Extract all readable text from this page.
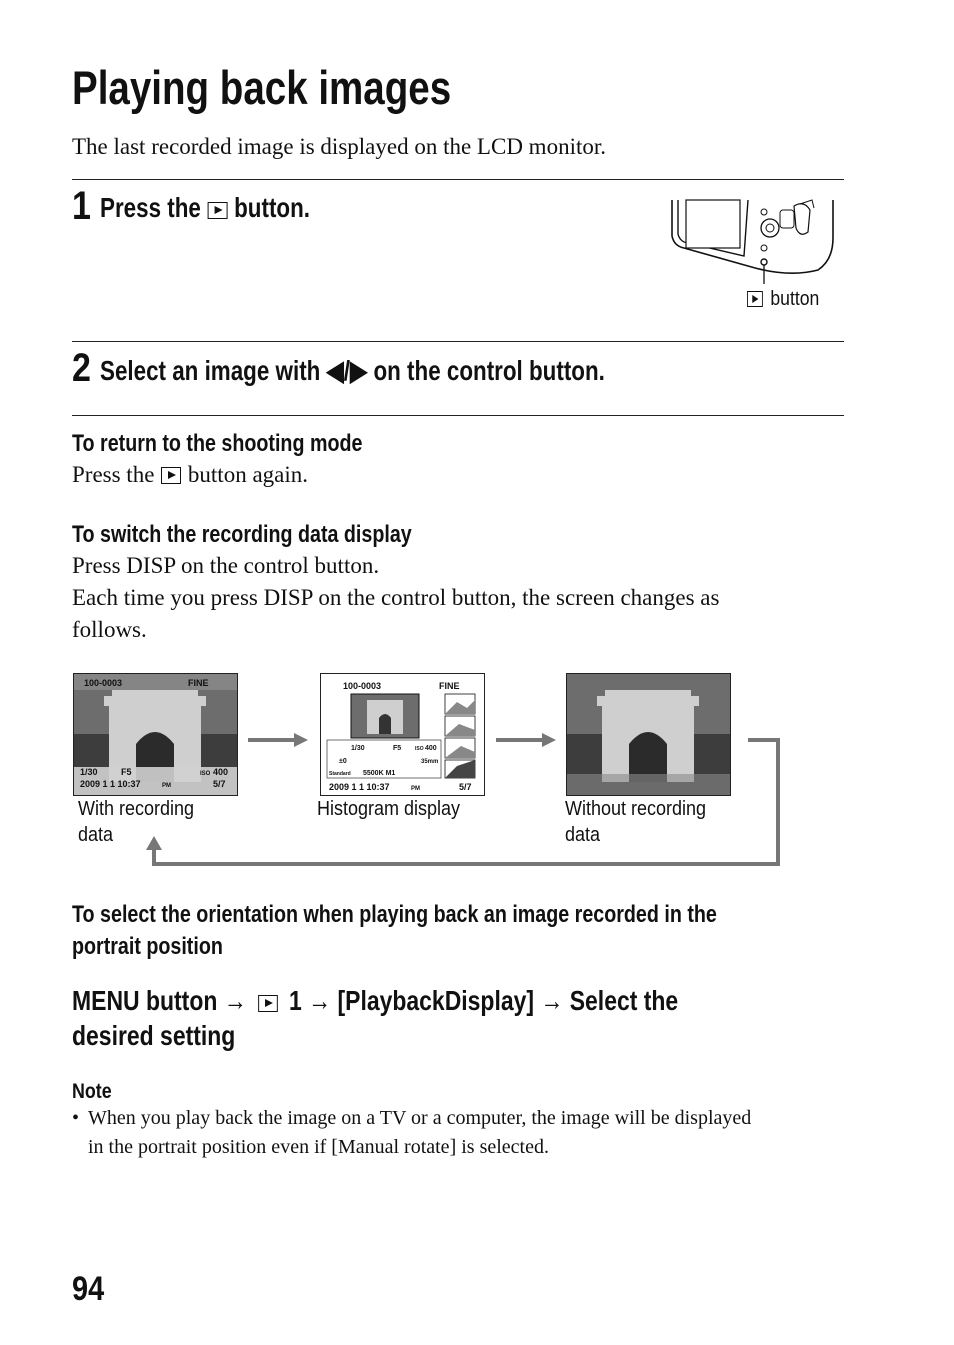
Playing back images
The last recorded image is displayed on the LCD monitor.
1 Press the button.
button
2 Select an image with ◀/▶ on the control button.
To return to the shooting mode
Press the button again.
To switch the recording data display
Press DISP on the control button.
Each time you press DISP on the control button, the screen changes as
follows.
100-0003	FINE
1/30	F5	ISO 400
2009 1 1 10:37	PM	5/7
With recording
data
100-0003	FINE
1/30	F5	ISO 400
±0	35mm
Standard 5500K M1
2009 1 1 10:37	PM	5/7
Histogram display	Without recording
data
To select the orientation when playing back an image recorded in the
portrait position
MENU button → 1 → [PlaybackDisplay] → Select the
desired setting
Note
• When you play back the image on a TV or a computer, the image will be displayed
in the portrait position even if [Manual rotate] is selected.
94
